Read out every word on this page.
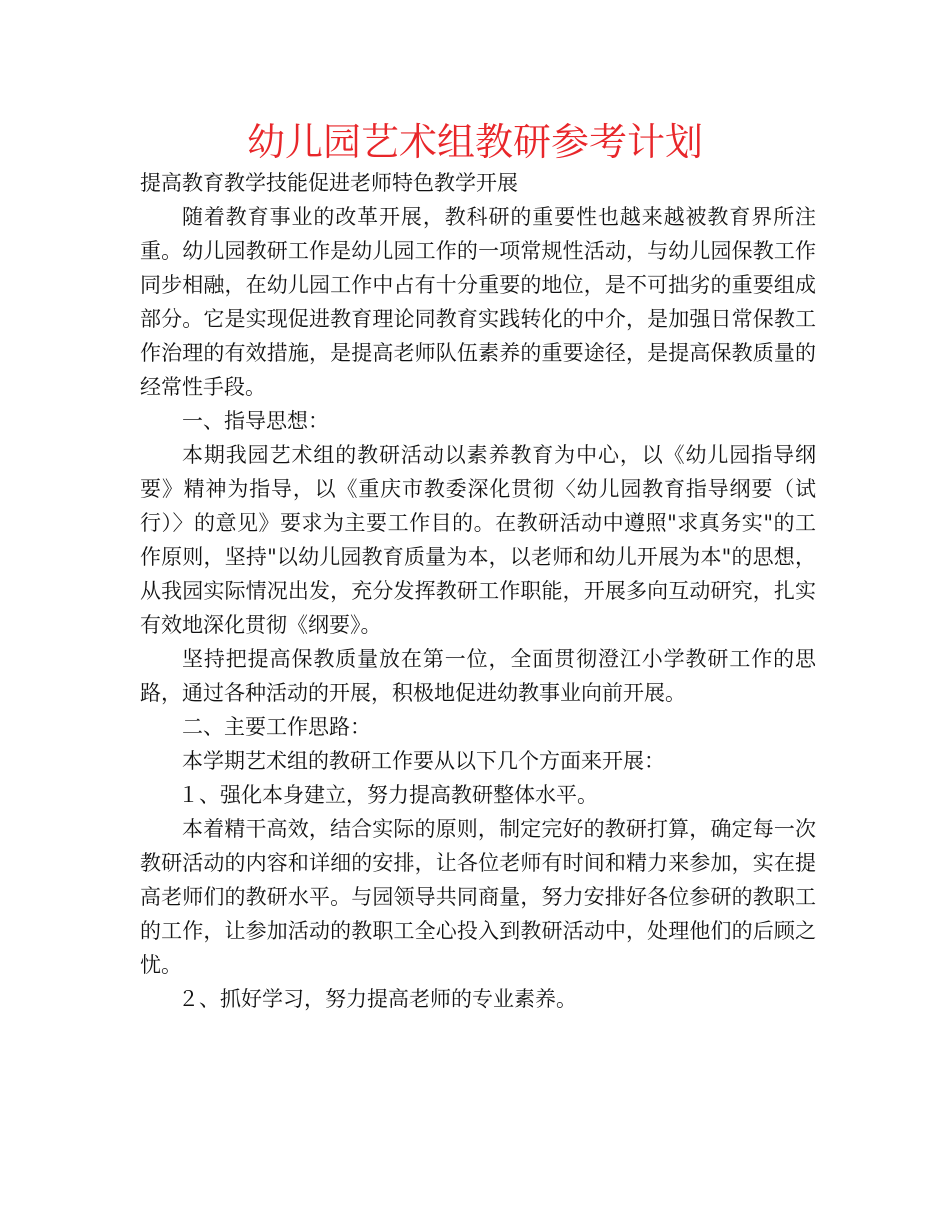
幼儿园艺术组教研参考计划

提高教育教学技能促进老师特色教学开展

随着教育事业的改革开展，教科研的重要性也越来越被教育界所注重。幼儿园教研工作是幼儿园工作的一项常规性活动，与幼儿园保教工作同步相融，在幼儿园工作中占有十分重要的地位，是不可拙劣的重要组成部分。它是实现促进教育理论同教育实践转化的中介，是加强日常保教工作治理的有效措施，是提高老师队伍素养的重要途径，是提高保教质量的经常性手段。

一、指导思想：

本期我园艺术组的教研活动以素养教育为中心，以《幼儿园指导纲要》精神为指导，以《重庆市教委深化贯彻〈幼儿园教育指导纲要（试行）〉的意见》要求为主要工作目的。在教研活动中遵照"求真务实"的工作原则，坚持"以幼儿园教育质量为本，以老师和幼儿开展为本"的思想，从我园实际情况出发，充分发挥教研工作职能，开展多向互动研究，扎实有效地深化贯彻《纲要》。

坚持把提高保教质量放在第一位，全面贯彻澄江小学教研工作的思路，通过各种活动的开展，积极地促进幼教事业向前开展。

二、主要工作思路：

本学期艺术组的教研工作要从以下几个方面来开展：

１、强化本身建立，努力提高教研整体水平。

本着精干高效，结合实际的原则，制定完好的教研打算，确定每一次教研活动的内容和详细的安排，让各位老师有时间和精力来参加，实在提高老师们的教研水平。与园领导共同商量，努力安排好各位参研的教职工的工作，让参加活动的教职工全心投入到教研活动中，处理他们的后顾之忧。

２、抓好学习，努力提高老师的专业素养。
